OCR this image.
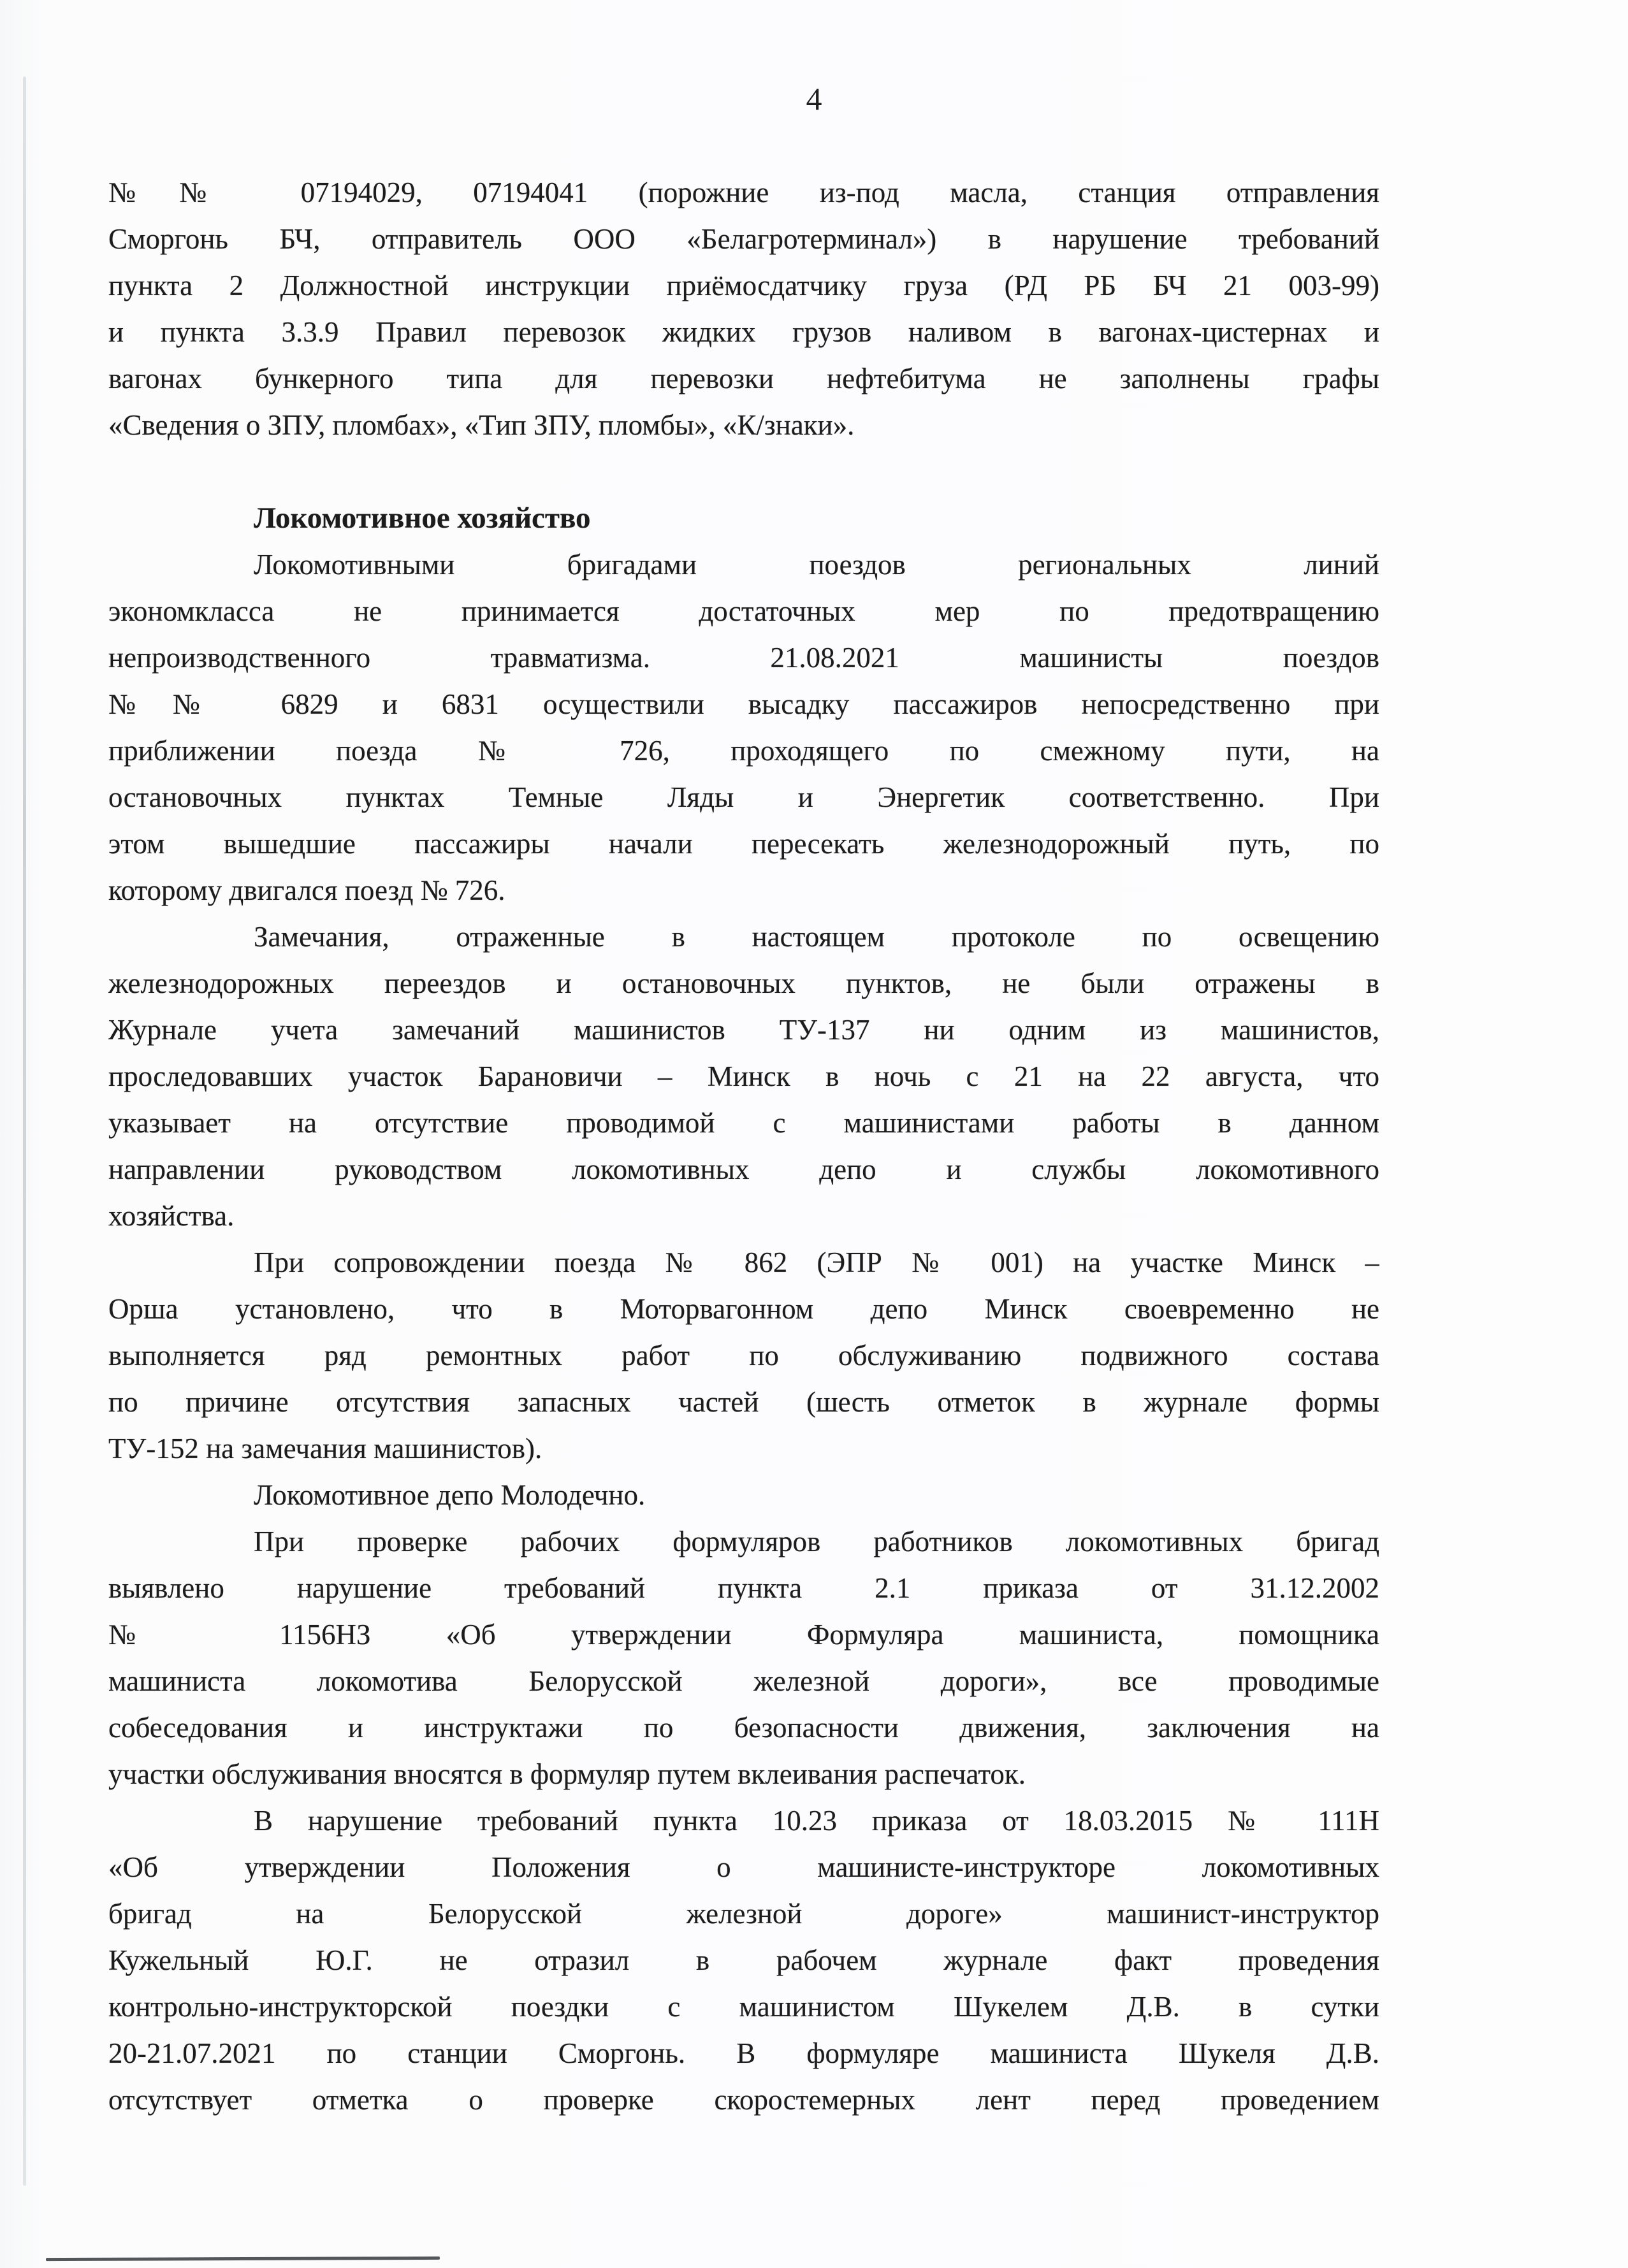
4
№№ 07194029, 07194041 (порожние из-под масла, станция отправления
Сморгонь БЧ, отправитель ООО «Белагротерминал») в нарушение требований
пункта 2 Должностной инструкции приёмосдатчику груза (РД РБ БЧ 21 003-99)
и пункта 3.3.9 Правил перевозок жидких грузов наливом в вагонах-цистернах и
вагонах бункерного типа для перевозки нефтебитума не заполнены графы
«Сведения о ЗПУ, пломбах», «Тип ЗПУ, пломбы», «К/знаки».
Локомотивное хозяйство
Локомотивными бригадами поездов региональных линий
экономкласса не принимается достаточных мер по предотвращению
непроизводственного травматизма. 21.08.2021 машинисты поездов
№№ 6829 и 6831 осуществили высадку пассажиров непосредственно при
приближении поезда № 726, проходящего по смежному пути, на
остановочных пунктах Темные Ляды и Энергетик соответственно. При
этом вышедшие пассажиры начали пересекать железнодорожный путь, по
которому двигался поезд № 726.
Замечания, отраженные в настоящем протоколе по освещению
железнодорожных переездов и остановочных пунктов, не были отражены в
Журнале учета замечаний машинистов ТУ-137 ни одним из машинистов,
проследовавших участок Барановичи – Минск в ночь с 21 на 22 августа, что
указывает на отсутствие проводимой с машинистами работы в данном
направлении руководством локомотивных депо и службы локомотивного
хозяйства.
При сопровождении поезда № 862 (ЭПР № 001) на участке Минск –
Орша установлено, что в Моторвагонном депо Минск своевременно не
выполняется ряд ремонтных работ по обслуживанию подвижного состава
по причине отсутствия запасных частей (шесть отметок в журнале формы
ТУ-152 на замечания машинистов).
Локомотивное депо Молодечно.
При проверке рабочих формуляров работников локомотивных бригад
выявлено нарушение требований пункта 2.1 приказа от 31.12.2002
№ 1156НЗ «Об утверждении Формуляра машиниста, помощника
машиниста локомотива Белорусской железной дороги», все проводимые
собеседования и инструктажи по безопасности движения, заключения на
участки обслуживания вносятся в формуляр путем вклеивания распечаток.
В нарушение требований пункта 10.23 приказа от 18.03.2015 № 111Н
«Об утверждении Положения о машинисте-инструкторе локомотивных
бригад на Белорусской железной дороге» машинист-инструктор
Кужельный Ю.Г. не отразил в рабочем журнале факт проведения
контрольно-инструкторской поездки с машинистом Шукелем Д.В. в сутки
20-21.07.2021 по станции Сморгонь. В формуляре машиниста Шукеля Д.В.
отсутствует отметка о проверке скоростемерных лент перед проведением
